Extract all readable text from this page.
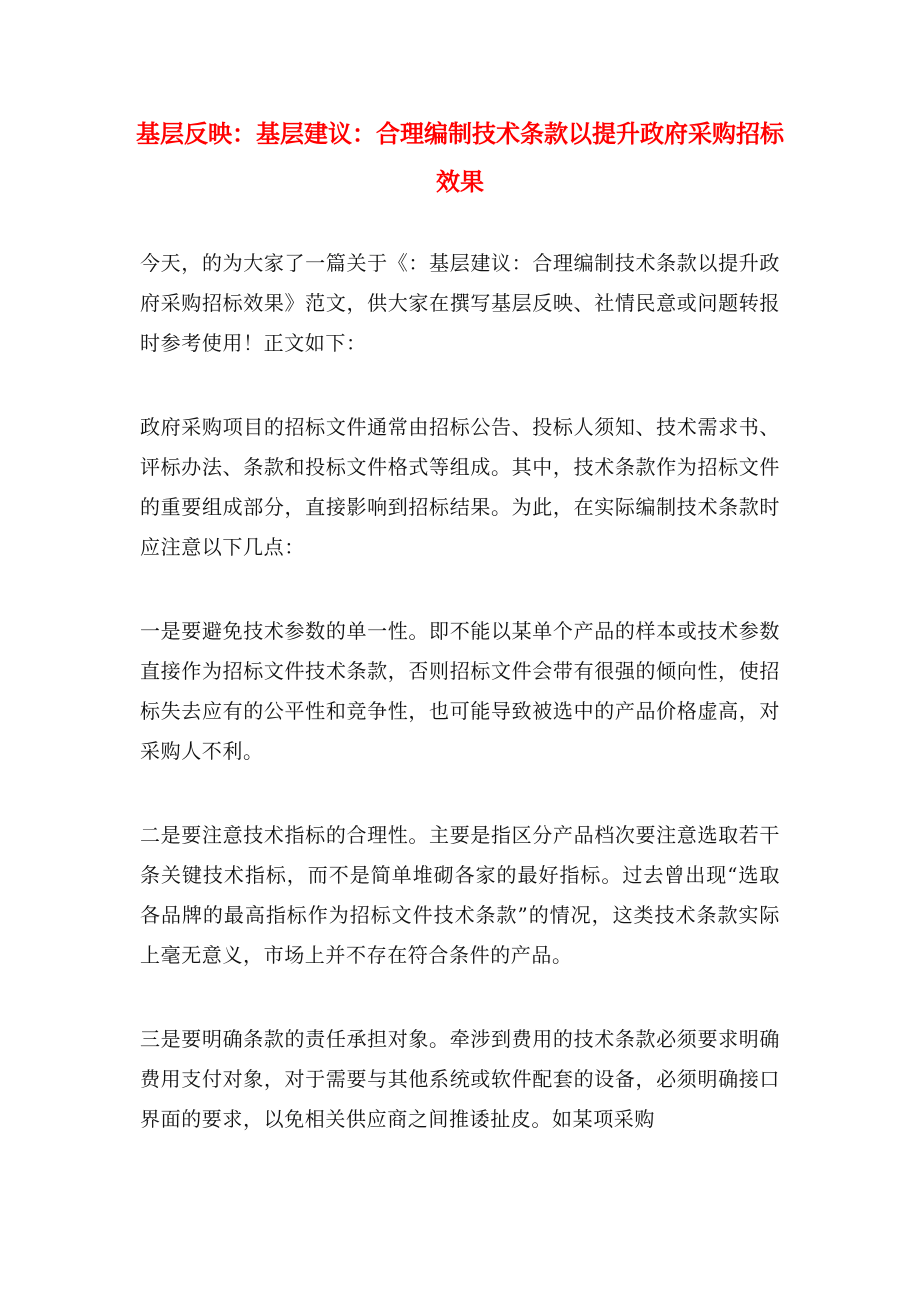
基层反映：基层建议：合理编制技术条款以提升政府采购招标效果

今天，的为大家了一篇关于《：基层建议：合理编制技术条款以提升政府采购招标效果》范文，供大家在撰写基层反映、社情民意或问题转报时参考使用！正文如下：

政府采购项目的招标文件通常由招标公告、投标人须知、技术需求书、评标办法、条款和投标文件格式等组成。其中，技术条款作为招标文件的重要组成部分，直接影响到招标结果。为此，在实际编制技术条款时应注意以下几点：

一是要避免技术参数的单一性。即不能以某单个产品的样本或技术参数直接作为招标文件技术条款，否则招标文件会带有很强的倾向性，使招标失去应有的公平性和竞争性，也可能导致被选中的产品价格虚高，对采购人不利。

二是要注意技术指标的合理性。主要是指区分产品档次要注意选取若干条关键技术指标，而不是简单堆砌各家的最好指标。过去曾出现“选取各品牌的最高指标作为招标文件技术条款”的情况，这类技术条款实际上毫无意义，市场上并不存在符合条件的产品。

三是要明确条款的责任承担对象。牵涉到费用的技术条款必须要求明确费用支付对象，对于需要与其他系统或软件配套的设备，必须明确接口界面的要求，以免相关供应商之间推诿扯皮。如某项采购
